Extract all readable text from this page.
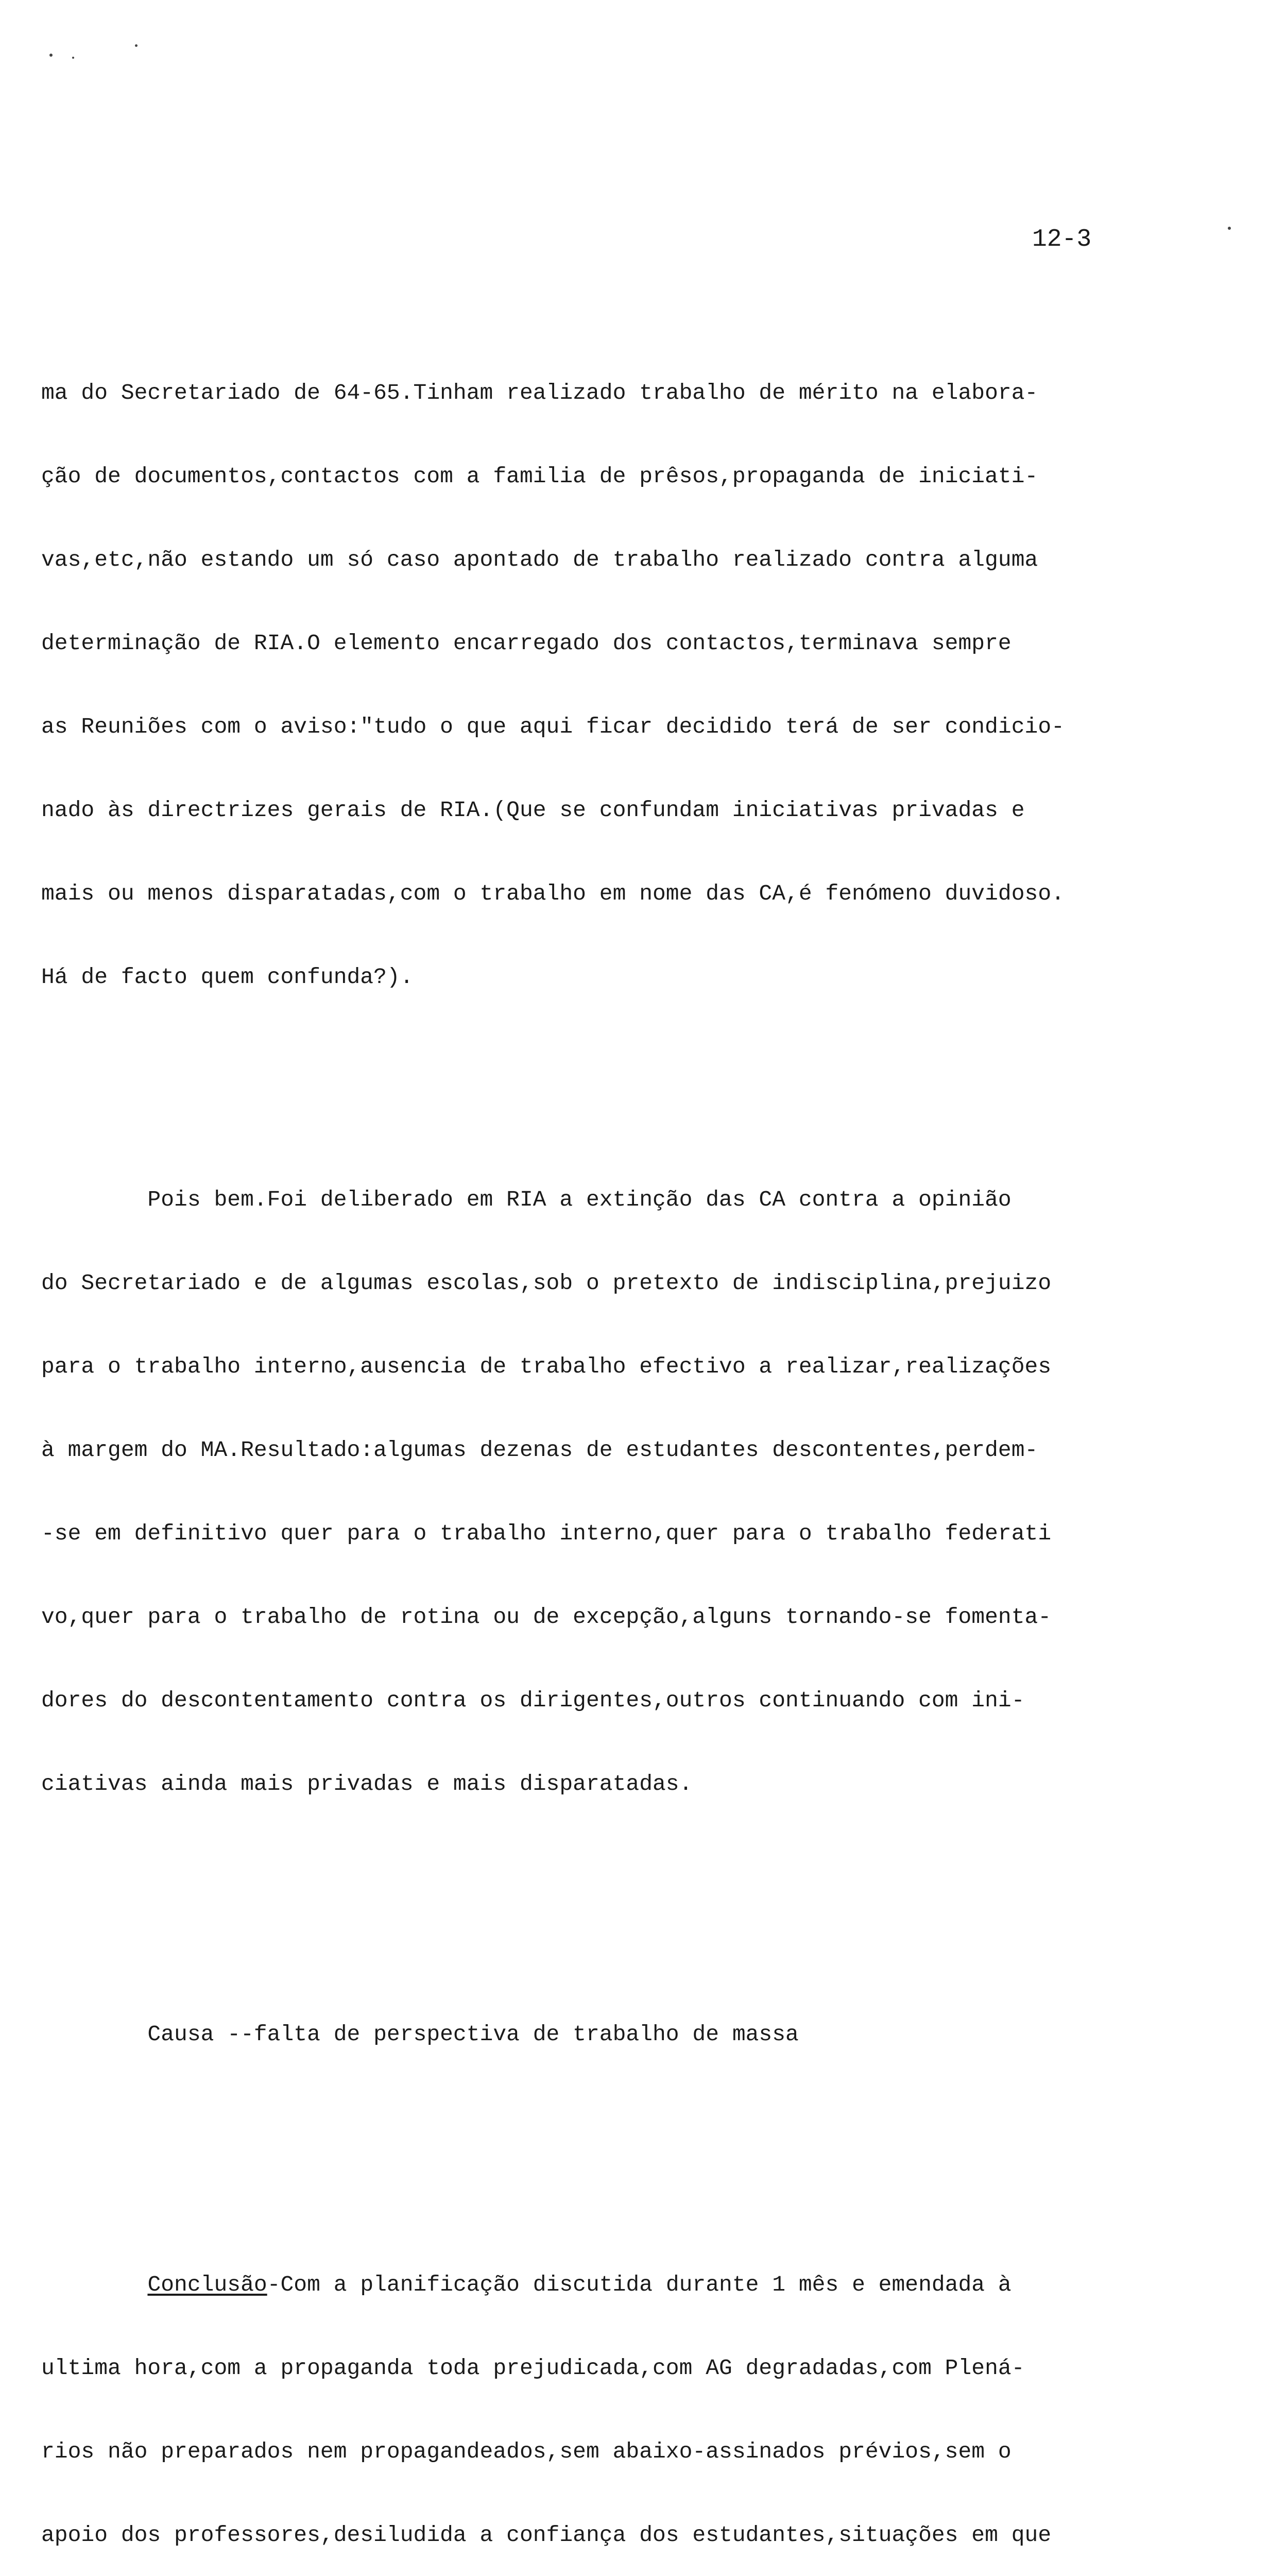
12-3

ma do Secretariado de 64-65.Tinham realizado trabalho de mérito na elabora-

ção de documentos,contactos com a familia de prêsos,propaganda de iniciati-

vas,etc,não estando um só caso apontado de trabalho realizado contra alguma

determinação de RIA.O elemento encarregado dos contactos,terminava sempre

as Reuniões com o aviso:"tudo o que aqui ficar decidido terá de ser condicio-

nado às directrizes gerais de RIA.(Que se confundam iniciativas privadas e

mais ou menos disparatadas,com o trabalho em nome das CA,é fenómeno duvidoso.

Há de facto quem confunda?).

Pois bem.Foi deliberado em RIA a extinção das CA contra a opinião

do Secretariado e de algumas escolas,sob o pretexto de indisciplina,prejuizo

para o trabalho interno,ausencia de trabalho efectivo a realizar,realizações

à margem do MA.Resultado:algumas dezenas de estudantes descontentes,perdem-

-se em definitivo quer para o trabalho interno,quer para o trabalho federati

vo,quer para o trabalho de rotina ou de excepção,alguns tornando-se fomenta-

dores do descontentamento contra os dirigentes,outros continuando com ini-

ciativas ainda mais privadas e mais disparatadas.

Causa --falta de perspectiva de trabalho de massa

Conclusão-Com a planificação discutida durante 1 mês e emendada à

ultima hora,com a propaganda toda prejudicada,com AG degradadas,com Plená-

rios não preparados nem propagandeados,sem abaixo-assinados prévios,sem o

apoio dos professores,desiludida a confiança dos estudantes,situações em que
